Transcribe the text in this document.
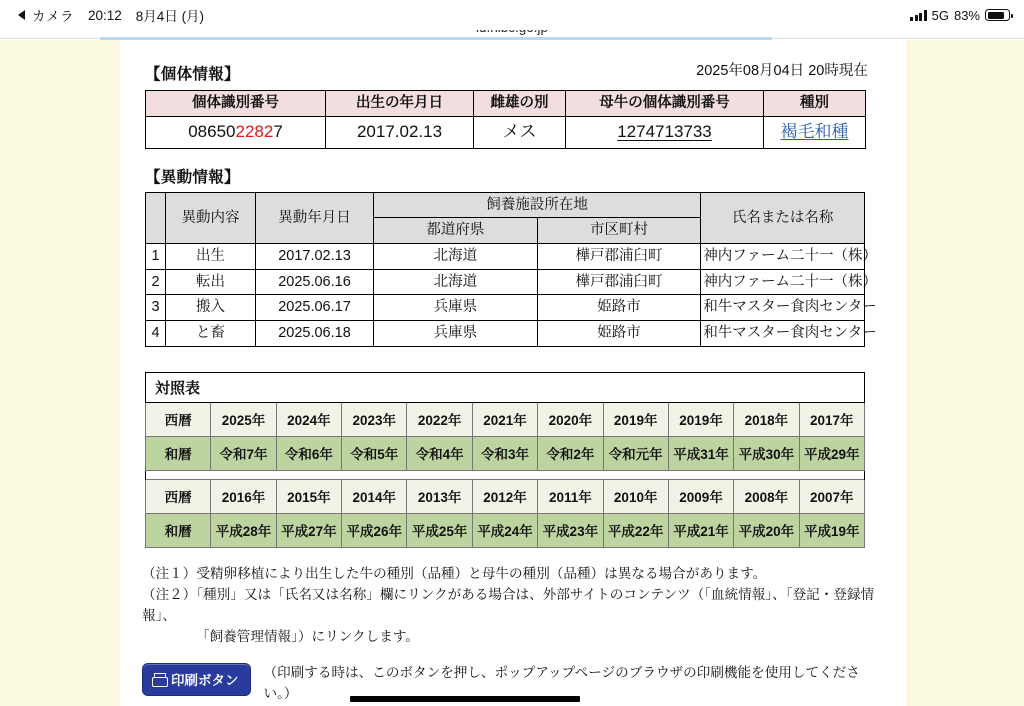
カメラ 20:12 8月4日 (月)	5G 83%
【個体情報】	2025年08月04日 20時現在
個体識別番号	出生の年月日	雌雄の別	母牛の個体識別番号	種別
0865022827	2017.02.13	メス	1274713733	褐毛和種
【異動情報】
	異動内容	異動年月日	飼養施設所在地		氏名または名称
			都道府県	市区町村	
1	出生	2017.02.13	北海道	樺戸郡浦臼町	神内ファーム二十一（株）
2	転出	2025.06.16	北海道	樺戸郡浦臼町	神内ファーム二十一（株）
3	搬入	2025.06.17	兵庫県	姫路市	和牛マスター食肉センター
4	と畜	2025.06.18	兵庫県	姫路市	和牛マスター食肉センター
対照表										
西暦	2025年	2024年	2023年	2022年	2021年	2020年	2019年	2019年	2018年	2017年
和暦	令和7年	令和6年	令和5年	令和4年	令和3年	令和2年	令和元年	平成31年	平成30年	平成29年

西暦	2016年	2015年	2014年	2013年	2012年	2011年	2010年	2009年	2008年	2007年
和暦	平成28年	平成27年	平成26年	平成25年	平成24年	平成23年	平成22年	平成21年	平成20年	平成19年

（注１）受精卵移植により出生した牛の種別（品種）と母牛の種別（品種）は異なる場合があります。

（注２）「種別」又は「氏名又は名称」欄にリンクがある場合は、外部サイトのコンテンツ（「血統情報」、「登記・登録情報」、

「飼養管理情報」）にリンクします。

印刷ボタン
（印刷する時は、このボタンを押し、ポップアップページのブラウザの印刷機能を使用してください。）
